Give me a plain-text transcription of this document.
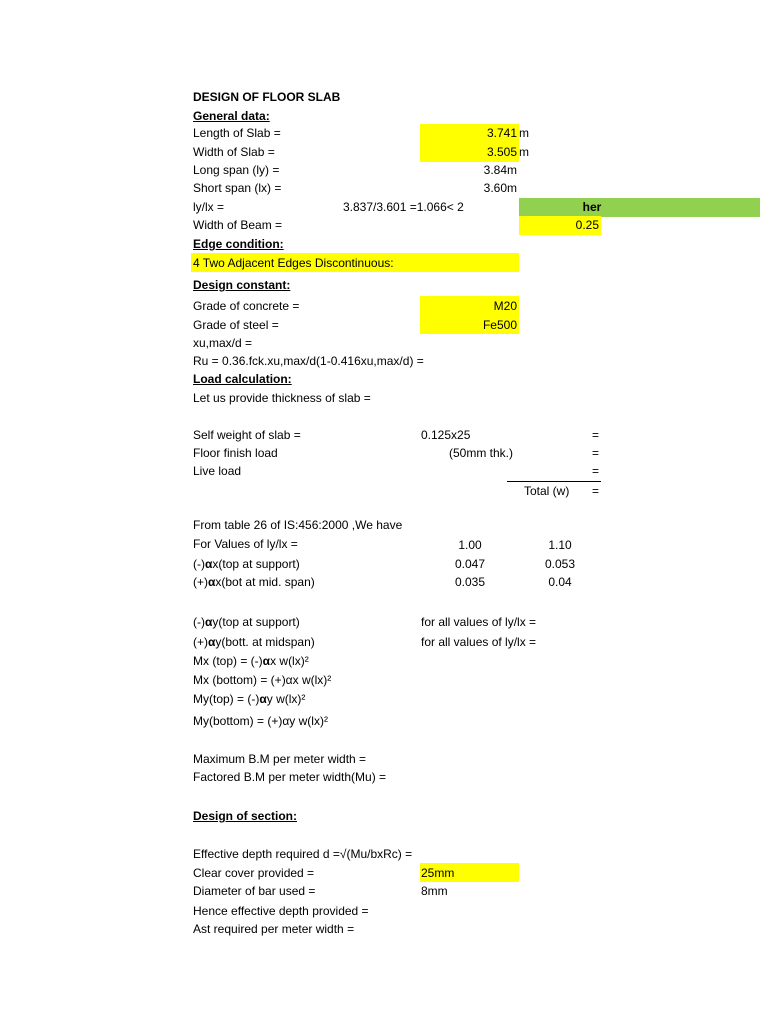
DESIGN OF FLOOR SLAB
General data:
Length of Slab =	3.741 m
Width of Slab =	3.505 m
Long span (ly) =	3.84m
Short span (lx) =	3.60m
ly/lx =	3.837/3.601 =1.066< 2	her
Width of Beam =	0.25
Edge condition:
4 Two Adjacent Edges Discontinuous:
Design constant:
Grade of concrete =	M20
Grade of steel =	Fe500
xu,max/d =
Ru = 0.36.fck.xu,max/d(1-0.416xu,max/d) =
Load calculation:
Let us provide thickness of slab =
Self weight of slab =	0.125x25	=
Floor finish load	(50mm thk.)	=
Live load	=
Total (w) =
From table 26 of IS:456:2000 ,We have
For Values of ly/lx =	1.00	1.10
(-)αx(top at support)	0.047	0.053
(+)αx(bot at mid. span)	0.035	0.04
(-)αy(top at support)	for all values of ly/lx =
(+)αy(bott. at midspan)	for all values of ly/lx =
Mx (top) = (-)αx w(lx)²
Mx (bottom) = (+)αx w(lx)²
My(top) = (-)αy w(lx)²
My(bottom) = (+)αy w(lx)²
Maximum B.M per meter width =
Factored B.M per meter width(Mu) =
Design of section:
Effective depth required d =√(Mu/bxRc) =
Clear cover provided =	25mm
Diameter of bar used =	8mm
Hence effective depth provided =
Ast required per meter width =
